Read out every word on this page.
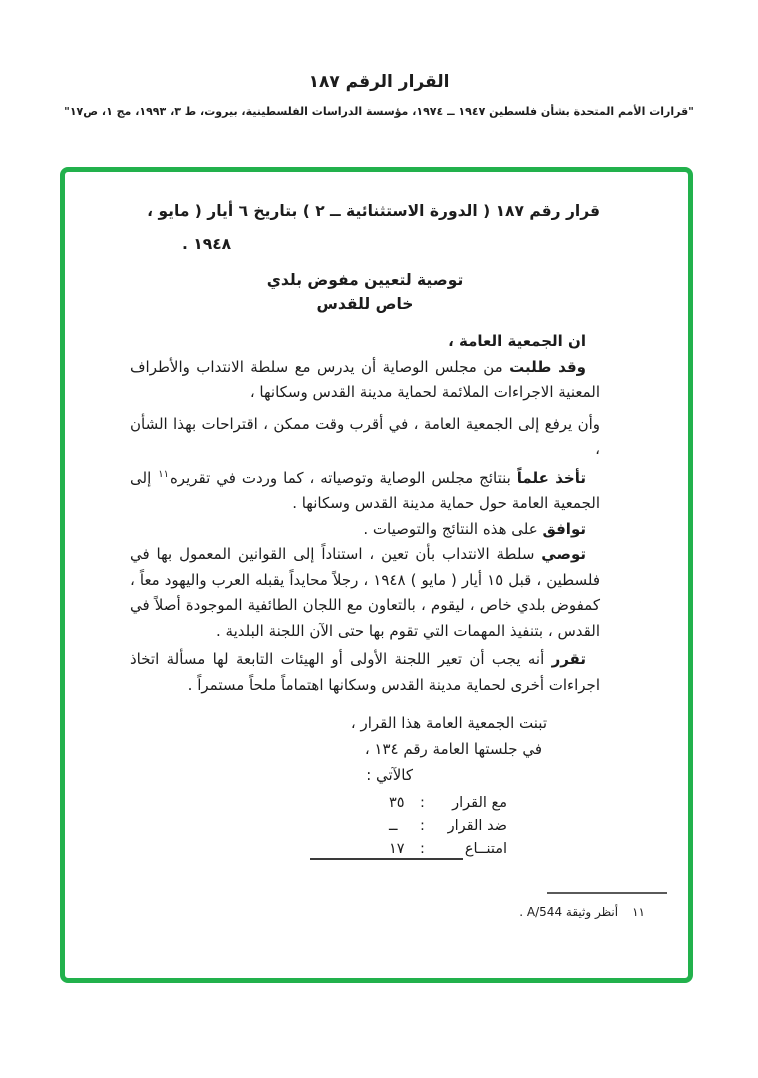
القرار الرقم ١٨٧
"قرارات الأمم المتحدة بشأن فلسطين ١٩٤٧ ــ ١٩٧٤، مؤسسة الدراسات الفلسطينية، بيروت، ط ٣، ١٩٩٣، مج ١، ص١٧"
قرار رقم ١٨٧ ( الدورة الاستثنائية ــ ٢ ) بتاريخ ٦ أيار ( مايو ،
١٩٤٨ .
توصية لتعيين مفوض بلدي
خاص للقدس

ان الجمعية العامة ،

وقد طلبت من مجلس الوصاية أن يدرس مع سلطة الانتداب والأطراف المعنية الاجراءات الملائمة لحماية مدينة القدس وسكانها ،

وأن يرفع إلى الجمعية العامة ، في أقرب وقت ممكن ، اقتراحات بهذا الشأن ،

تأخذ علماً بنتائج مجلس الوصاية وتوصياته ، كما وردت في تقريره$^{١١}$ إلى الجمعية العامة حول حماية مدينة القدس وسكانها .

توافق على هذه النتائج والتوصيات .

توصي سلطة الانتداب بأن تعين ، استناداً إلى القوانين المعمول بها في فلسطين ، قبل ١٥ أيار ( مايو ) ١٩٤٨ ، رجلاً محايداً يقبله العرب واليهود معاً ، كمفوض بلدي خاص ، ليقوم ، بالتعاون مع اللجان الطائفية الموجودة أصلاً في القدس ، بتنفيذ المهمات التي تقوم بها حتى الآن اللجنة البلدية .

تقرر أنه يجب أن تعير اللجنة الأولى أو الهيئات التابعة لها مسألة اتخاذ اجراءات أخرى لحماية مدينة القدس وسكانها اهتماماً ملحاً مستمراً .

تبنت الجمعية العامة هذا القرار ،
في جلستها العامة رقم ١٣٤ ،
كالآتي :
مع القرار
:
٣٥
ضد القرار
:
ــ
امتنــاع
:
١٧
١١أنظر وثيقة A/544 .
